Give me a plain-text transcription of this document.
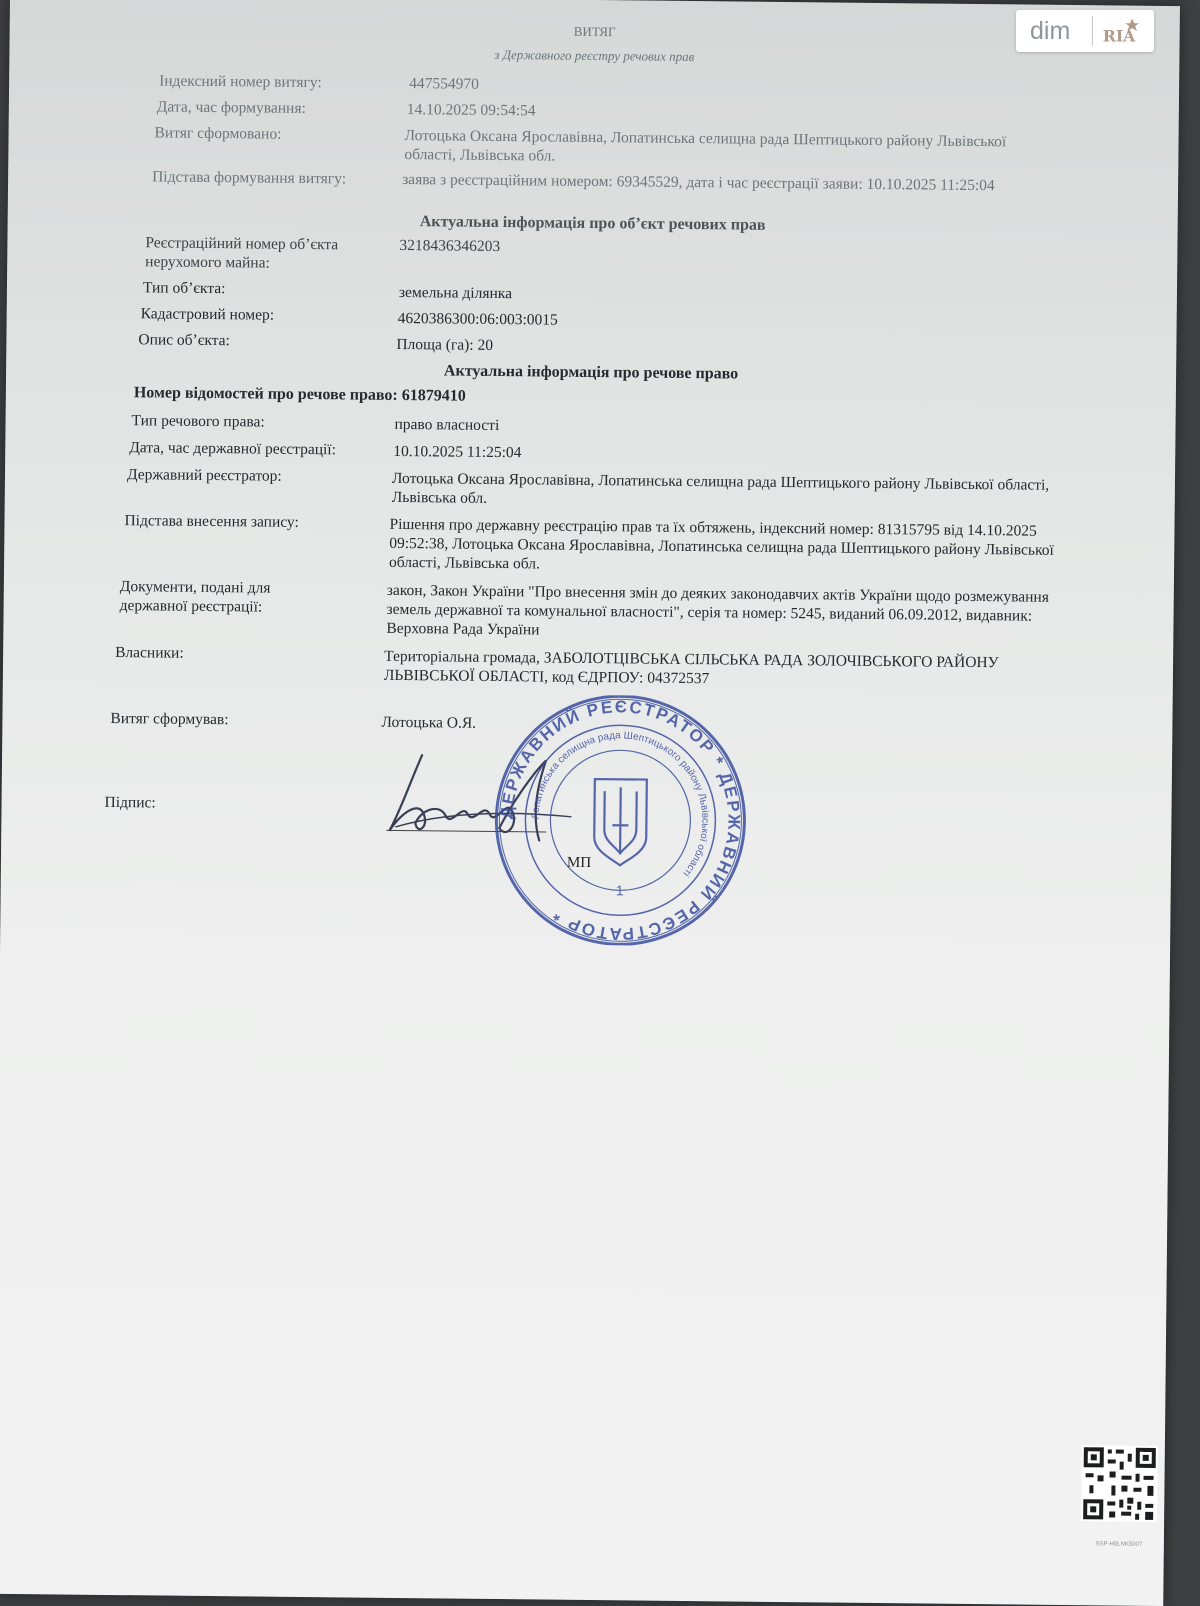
ВИТЯГ
з Державного реєстру речових прав
Індексний номер витягу:	447554970
Дата, час формування:	14.10.2025 09:54:54
Витяг сформовано:	Лотоцька Оксана Ярославівна, Лопатинська селищна рада Шептицького району Львівської області, Львівська обл.
Підстава формування витягу:	заява з реєстраційним номером: 69345529, дата і час реєстрації заяви: 10.10.2025 11:25:04
Актуальна інформація про об’єкт речових прав
Реєстраційний номер об’єкта нерухомого майна:
3218436346203
Тип об’єкта:	земельна ділянка
Кадастровий номер:	4620386300:06:003:0015
Опис об’єкта:	Площа (га): 20
Актуальна інформація про речове право
Номер відомостей про речове право: 61879410
Тип речового права:	право власності
Дата, час державної реєстрації:	10.10.2025 11:25:04
Державний реєстратор:	Лотоцька Оксана Ярославівна, Лопатинська селищна рада Шептицького району Львівської області, Львівська обл.
Підстава внесення запису:	Рішення про державну реєстрацію прав та їх обтяжень, індексний номер: 81315795 від 14.10.2025 09:52:38, Лотоцька Оксана Ярославівна, Лопатинська селищна рада Шептицького району Львівської області, Львівська обл.
Документи, подані для державної реєстрації:
закон, Закон України "Про внесення змін до деяких законодавчих актів України щодо розмежування земель державної та комунальної власності", серія та номер: 5245, виданий 06.09.2012, видавник: Верховна Рада України
Власники:	Територіальна громада, ЗАБОЛОТЦІВСЬКА СІЛЬСЬКА РАДА ЗОЛОЧІВСЬКОГО РАЙОНУ ЛЬВІВСЬКОЇ ОБЛАСТІ, код ЄДРПОУ: 04372537
Витяг сформував:	Лотоцька О.Я.
Підпис:
ДЕРЖАВНИЙ РЕЄСТРАТОР * ДЕРЖАВНИЙ РЕЄСТРАТОР *
Лопатинська селищна рада Шептицького району Львівської області
1
МП
SSP-Н0LNK5007
dim	RIA
